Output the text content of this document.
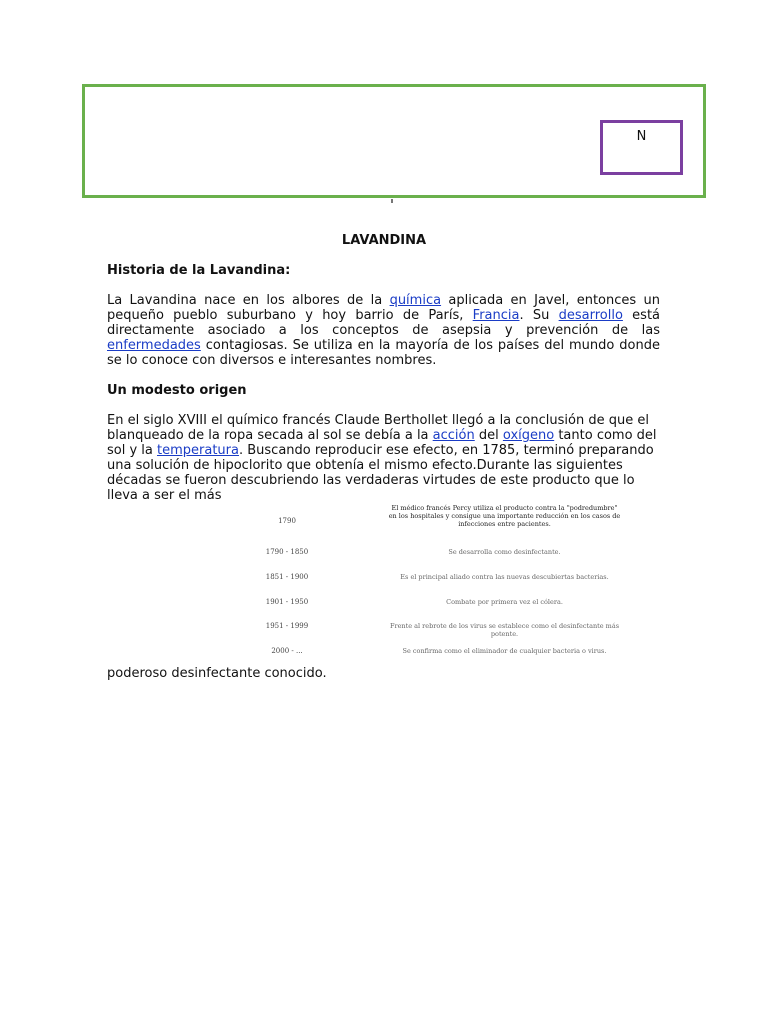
N
LAVANDINA
Historia de la Lavandina:
La Lavandina nace en los albores de la química aplicada en Javel, entonces un pequeño pueblo suburbano y hoy barrio de París, Francia. Su desarrollo está directamente asociado a los conceptos de asepsia y prevención de las enfermedades contagiosas. Se utiliza en la mayoría de los países del mundo donde se lo conoce con diversos e interesantes nombres.
Un modesto origen
En el siglo XVIII el químico francés Claude Berthollet llegó a la conclusión de que el blanqueado de la ropa secada al sol se debía a la acción del oxígeno tanto como del sol y la temperatura. Buscando reproducir ese efecto, en 1785, terminó preparando una solución de hipoclorito que obtenía el mismo efecto.Durante las siguientes décadas se fueron descubriendo las verdaderas virtudes de este producto que lo lleva a ser el más
1790
El médico francés Percy utiliza el producto contra la "podredumbre" en los hospitales y consigue una importante reducción en los casos de infecciones entre pacientes.
1790 - 1850	Se desarrolla como desinfectante.
1851 - 1900	Es el principal aliado contra las nuevas descubiertas bacterias.
1901 - 1950	Combate por primera vez el cólera.
1951 - 1999	Frente al rebrote de los virus se establece como el desinfectante más potente.
2000 - ...	Se confirma como el eliminador de cualquier bacteria o virus.
poderoso desinfectante conocido.
